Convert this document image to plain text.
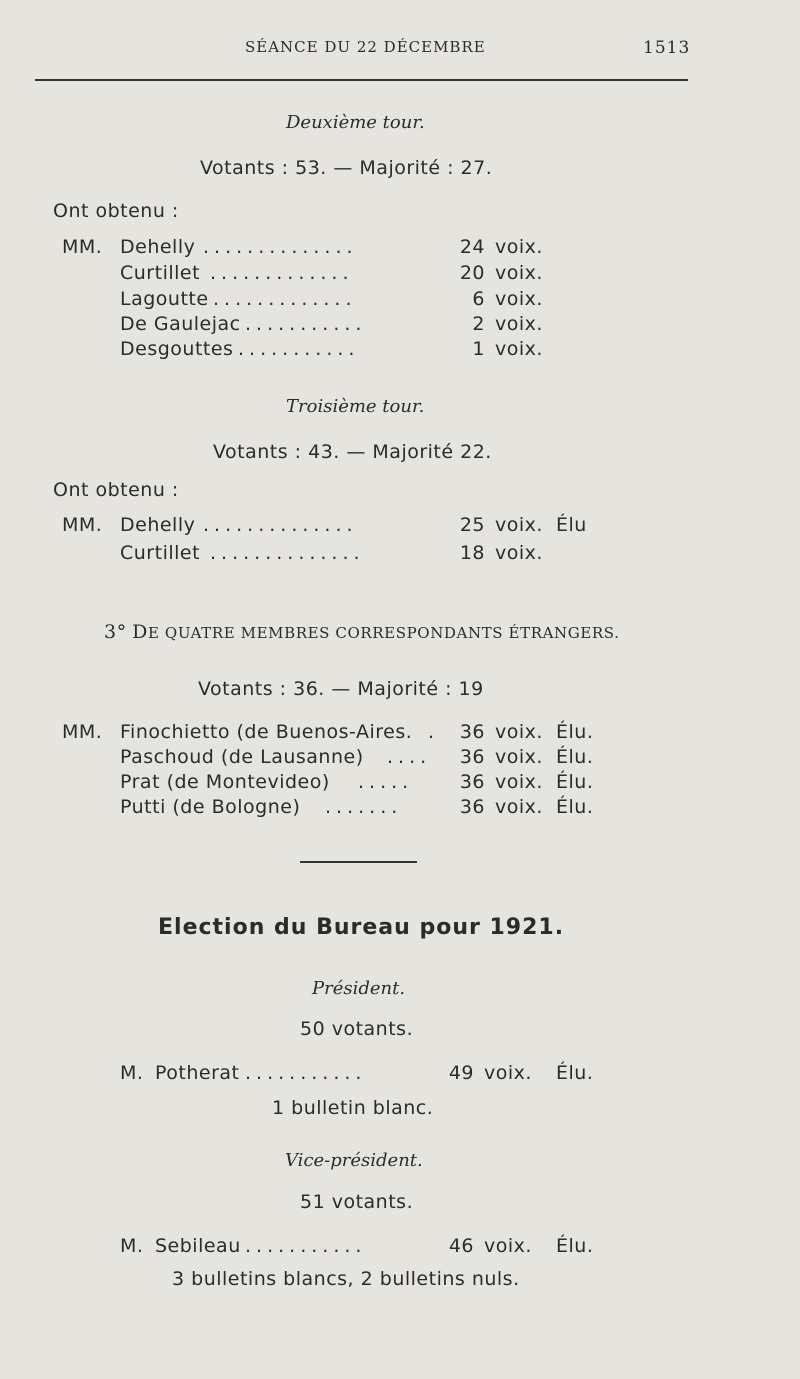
SÉANCE DU 22 DÉCEMBRE	1513
Deuxième tour.
Votants : 53. — Majorité : 27.
Ont obtenu :
MM. Dehelly ..............	24 voix.
Curtillet .............	20 voix.
Lagoutte .............	6 voix.
De Gaulejac ...........	2 voix.
Desgouttes ...........	1 voix.
Troisième tour.
Votants : 43. — Majorité 22.
Ont obtenu :
MM. Dehelly ..............	25 voix. Élu
Curtillet ..............	18 voix.
3° DE QUATRE MEMBRES CORRESPONDANTS ÉTRANGERS.
Votants : 36. — Majorité : 19
MM. Finochietto (de Buenos-Aires. .	36 voix. Élu.
Paschoud (de Lausanne) ....	36 voix. Élu.
Prat (de Montevideo) .....	36 voix. Élu.
Putti (de Bologne) .......	36 voix. Élu.
Election du Bureau pour 1921.
Président.
50 votants.
M. Potherat ...........	49 voix. Élu.
1 bulletin blanc.
Vice-président.
51 votants.
M. Sebileau ...........	46 voix. Élu.
3 bulletins blancs, 2 bulletins nuls.
